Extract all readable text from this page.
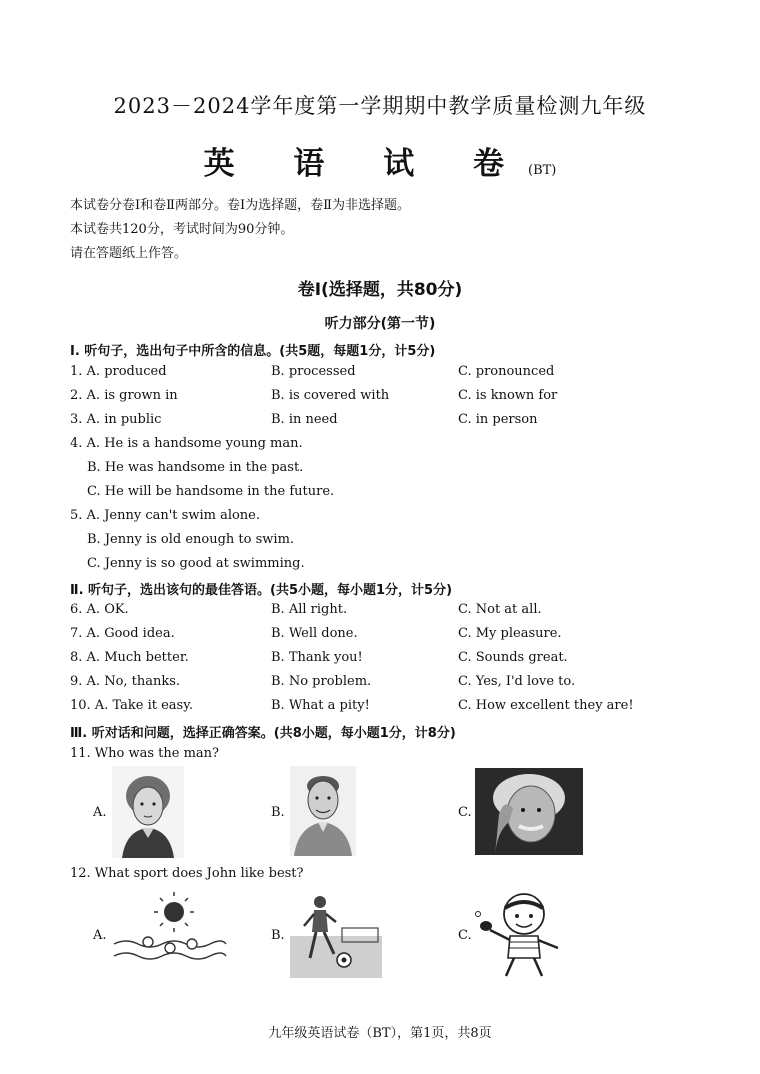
2023－2024学年度第一学期期中教学质量检测九年级
英 语 试 卷(BT)
本试卷分卷Ⅰ和卷Ⅱ两部分。卷Ⅰ为选择题，卷Ⅱ为非选择题。
本试卷共120分，考试时间为90分钟。
请在答题纸上作答。
卷Ⅰ(选择题，共80分)
听力部分(第一节)
Ⅰ. 听句子，选出句子中所含的信息。(共5题，每题1分，计5分)
1. A. produced	B. processed	C. pronounced
2. A. is grown in	B. is covered with	C. is known for
3. A. in public	B. in need	C. in person
4. A. He is a handsome young man.
B. He was handsome in the past.
C. He will be handsome in the future.
5. A. Jenny can't swim alone.
B. Jenny is old enough to swim.
C. Jenny is so good at swimming.
Ⅱ. 听句子，选出该句的最佳答语。(共5小题，每小题1分，计5分)
6. A. OK.	B. All right.	C. Not at all.
7. A. Good idea.	B. Well done.	C. My pleasure.
8. A. Much better.	B. Thank you!	C. Sounds great.
9. A. No, thanks.	B. No problem.	C. Yes, I'd love to.
10. A. Take it easy.	B. What a pity!	C. How excellent they are!
Ⅲ. 听对话和问题，选择正确答案。(共8小题，每小题1分，计8分)
11. Who was the man?
A.	B.	C.
12. What sport does John like best?
A.	B.	C.
九年级英语试卷（BT），第1页，共8页
